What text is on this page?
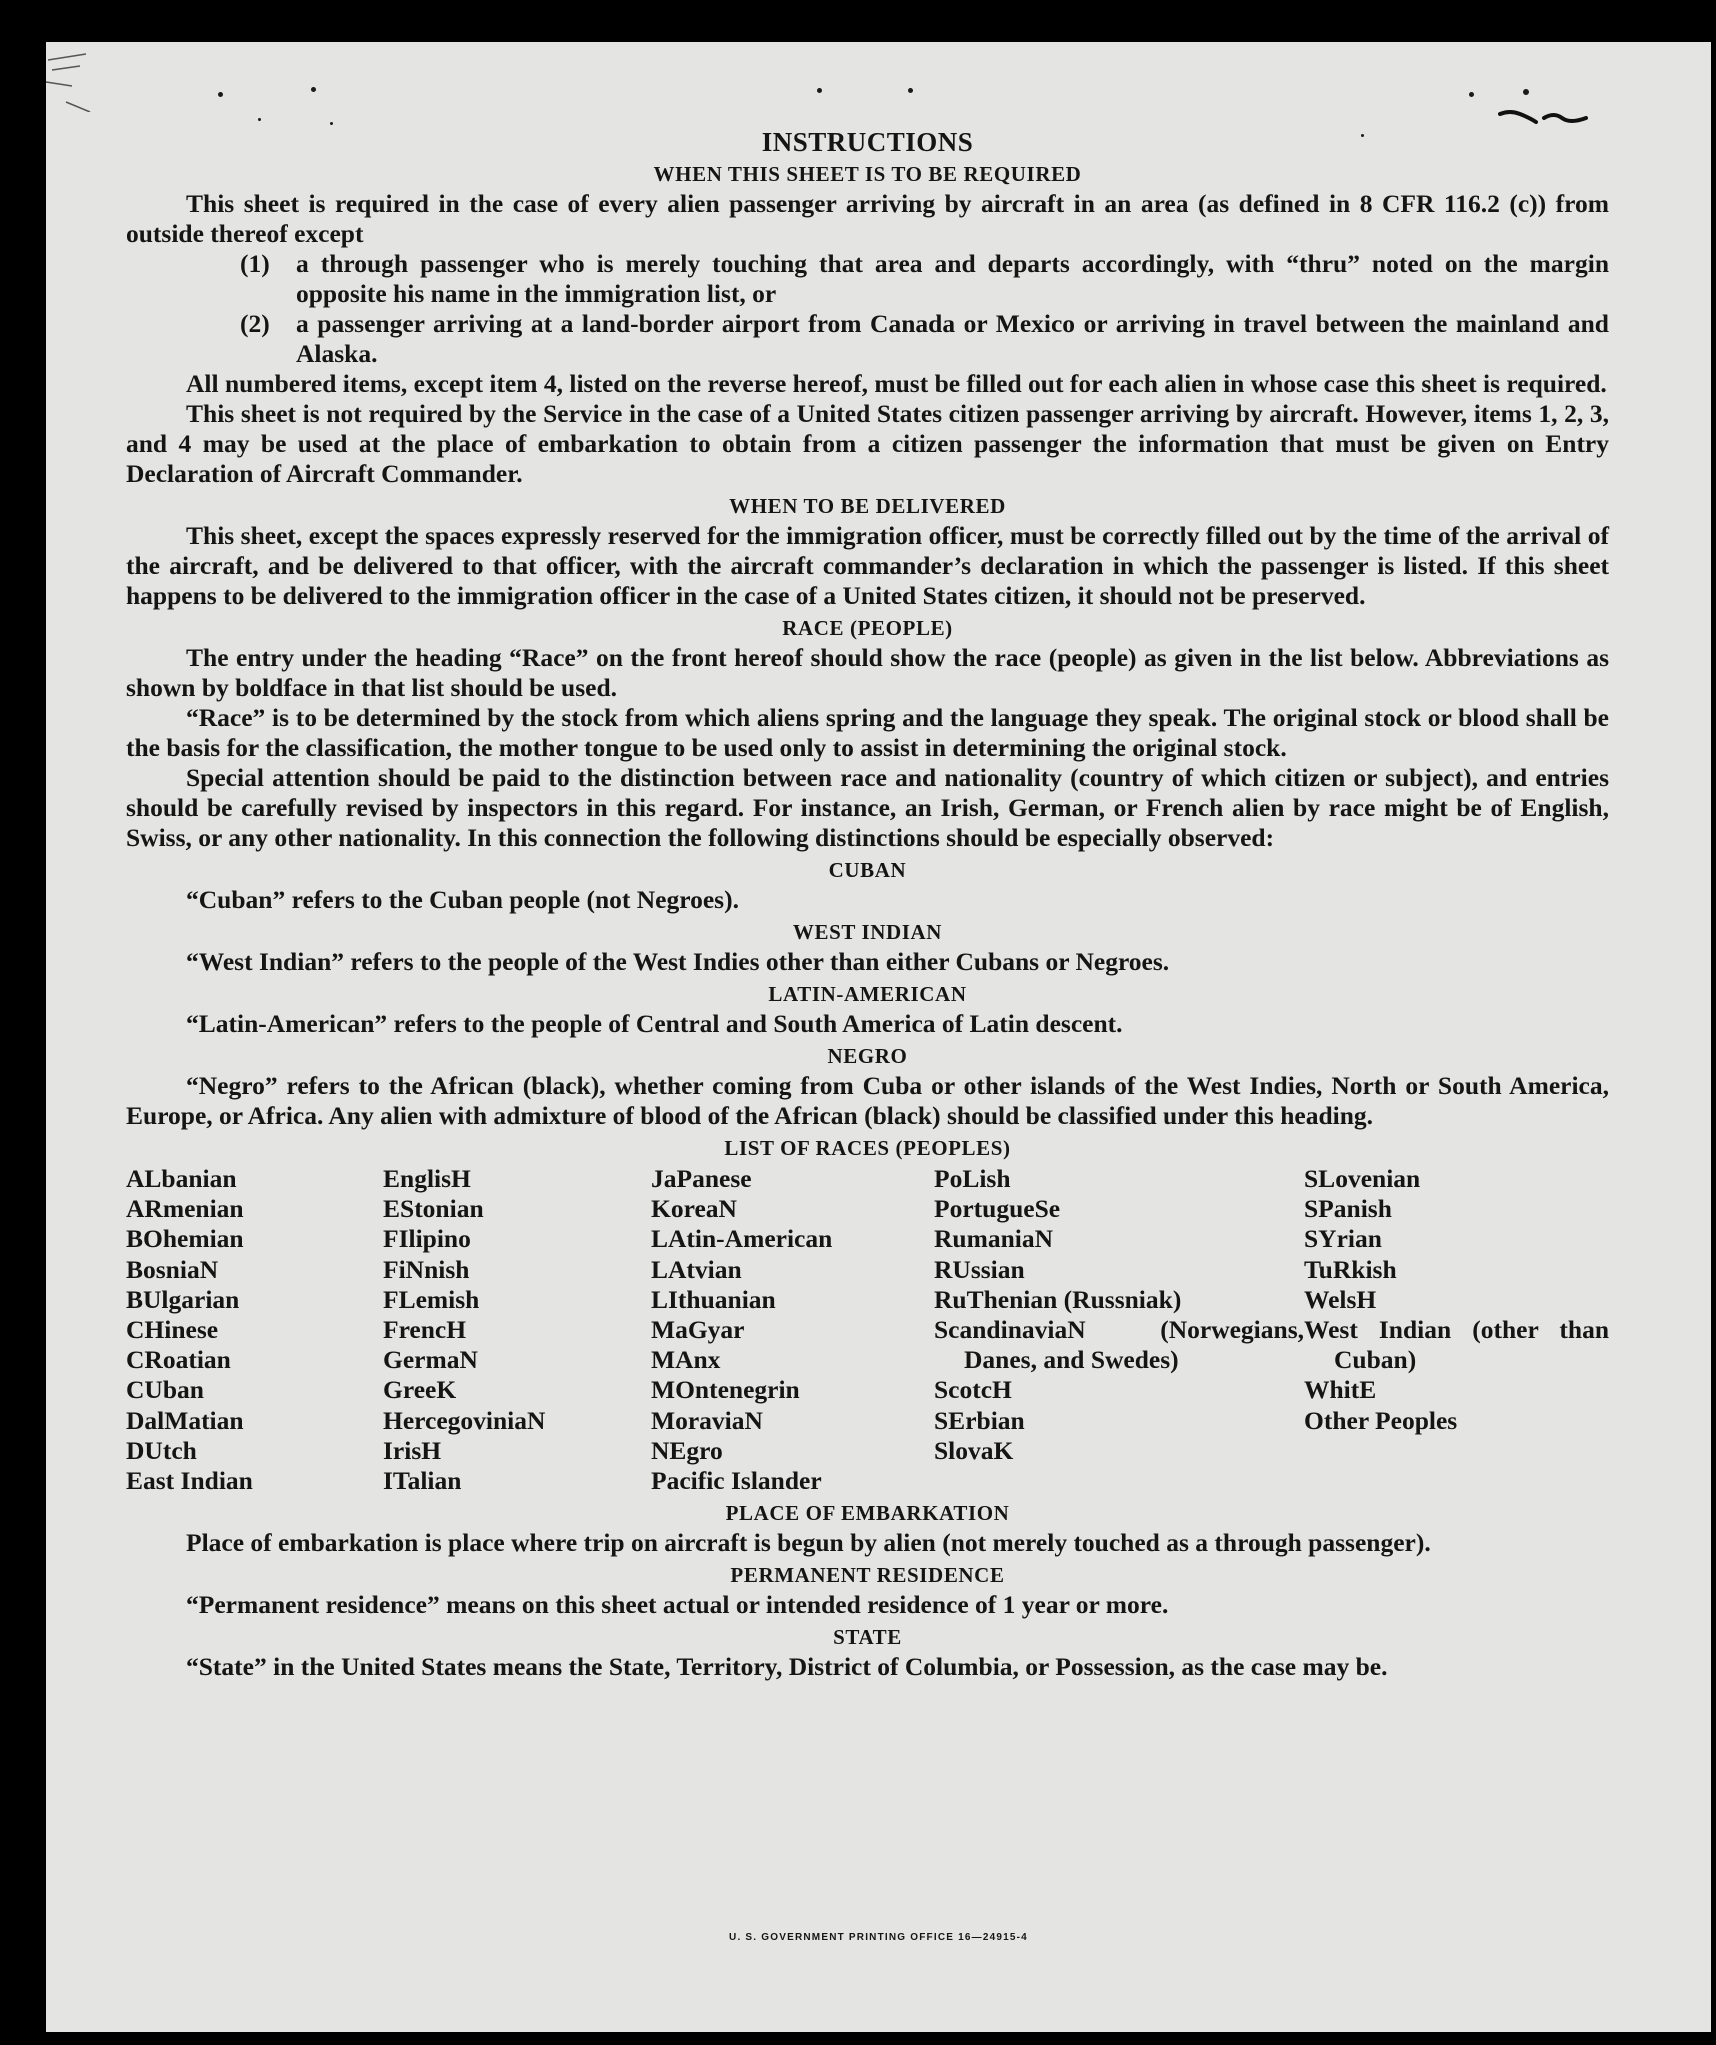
INSTRUCTIONS
WHEN THIS SHEET IS TO BE REQUIRED

This sheet is required in the case of every alien passenger arriving by aircraft in an area (as defined in 8 CFR 116.2 (c)) from outside thereof except

(1) a through passenger who is merely touching that area and departs accordingly, with “thru” noted on the margin opposite his name in the immigration list, or

(2) a passenger arriving at a land-border airport from Canada or Mexico or arriving in travel between the mainland and Alaska.

All numbered items, except item 4, listed on the reverse hereof, must be filled out for each alien in whose case this sheet is required.

This sheet is not required by the Service in the case of a United States citizen passenger arriving by aircraft. However, items 1, 2, 3, and 4 may be used at the place of embarkation to obtain from a citizen passenger the information that must be given on Entry Declaration of Aircraft Commander.

WHEN TO BE DELIVERED

This sheet, except the spaces expressly reserved for the immigration officer, must be correctly filled out by the time of the arrival of the aircraft, and be delivered to that officer, with the aircraft commander’s declaration in which the passenger is listed. If this sheet happens to be delivered to the immigration officer in the case of a United States citizen, it should not be preserved.

RACE (PEOPLE)

The entry under the heading “Race” on the front hereof should show the race (people) as given in the list below. Abbreviations as shown by boldface in that list should be used.

“Race” is to be determined by the stock from which aliens spring and the language they speak. The original stock or blood shall be the basis for the classification, the mother tongue to be used only to assist in determining the original stock.

Special attention should be paid to the distinction between race and nationality (country of which citizen or subject), and entries should be carefully revised by inspectors in this regard. For instance, an Irish, German, or French alien by race might be of English, Swiss, or any other nationality. In this connection the following distinctions should be especially observed:

CUBAN

“Cuban” refers to the Cuban people (not Negroes).

WEST INDIAN

“West Indian” refers to the people of the West Indies other than either Cubans or Negroes.

LATIN-AMERICAN

“Latin-American” refers to the people of Central and South America of Latin descent.

NEGRO

“Negro” refers to the African (black), whether coming from Cuba or other islands of the West Indies, North or South America, Europe, or Africa. Any alien with admixture of blood of the African (black) should be classified under this heading.

LIST OF RACES (PEOPLES)
ALbanian
ARmenian
BOhemian
BosniaN
BUlgarian
CHinese
CRoatian
CUban
DalMatian
DUtch
East Indian
EnglisH
EStonian
FIlipino
FiNnish
FLemish
FrencH
GermaN
GreeK
HercegoviniaN
IrisH
ITalian
JaPanese
KoreaN
LAtin-American
LAtvian
LIthuanian
MaGyar
MAnx
MOntenegrin
MoraviaN
NEgro
Pacific Islander
PoLish
PortugueSe
RumaniaN
RUssian
RuThenian (Russniak)
ScandinaviaN (Norwegians, Danes, and Swedes)
ScotcH
SErbian
SlovaK
SLovenian
SPanish
SYrian
TuRkish
WelsH
West Indian (other than Cuban)
WhitE
Other Peoples
PLACE OF EMBARKATION

Place of embarkation is place where trip on aircraft is begun by alien (not merely touched as a through passenger).

PERMANENT RESIDENCE

“Permanent residence” means on this sheet actual or intended residence of 1 year or more.

STATE

“State” in the United States means the State, Territory, District of Columbia, or Possession, as the case may be.

U. S. GOVERNMENT PRINTING OFFICE 16—24915-4
